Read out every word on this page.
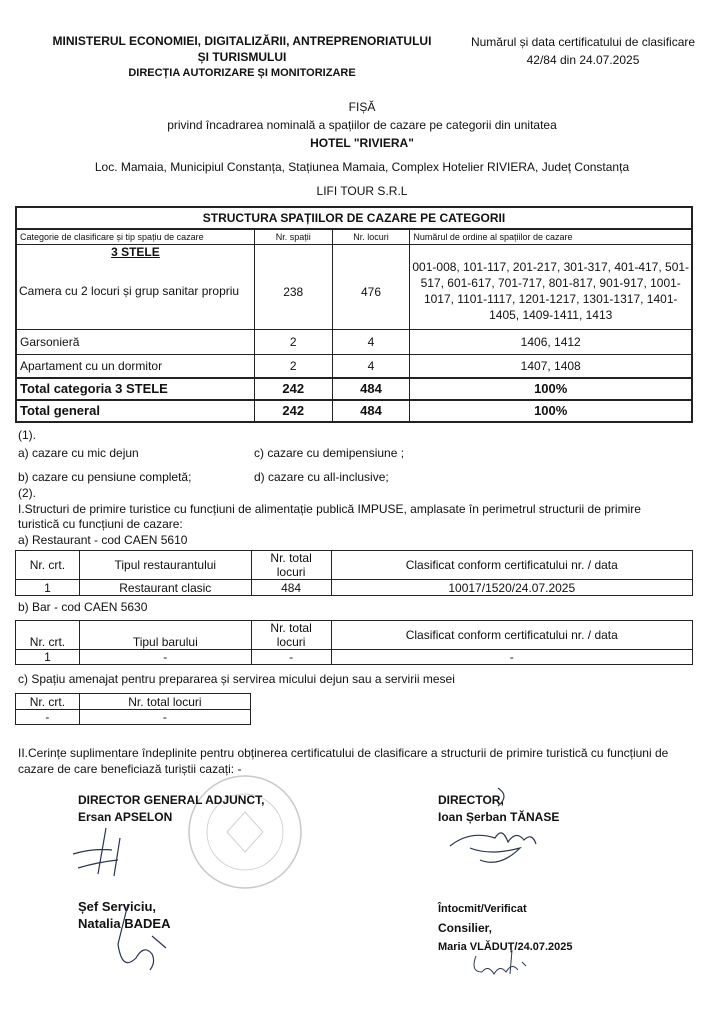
MINISTERUL ECONOMIEI, DIGITALIZĂRII, ANTREPRENORIATULUI
ȘI TURISMULUI
DIRECȚIA AUTORIZARE ȘI MONITORIZARE
Numărul și data certificatului de clasificare
42/84 din 24.07.2025
FIȘĂ
privind încadrarea nominală a spațiilor de cazare pe categorii din unitatea
HOTEL "RIVIERA"
Loc. Mamaia, Municipiul Constanța, Stațiunea Mamaia, Complex Hotelier RIVIERA, Județ Constanța
LIFI TOUR S.R.L
STRUCTURA SPAȚIILOR DE CAZARE PE CATEGORII			
Categorie de clasificare și tip spațiu de cazare	Nr. spații	Nr. locuri	Numărul de ordine al spațiilor de cazare

3 STELE
Camera cu 2 locuri și grup sanitar propriu	238	476	001-008, 101-117, 201-217, 301-317, 401-417, 501-517, 601-617, 701-717, 801-817, 901-917, 1001-1017, 1101-1117, 1201-1217, 1301-1317, 1401-1405, 1409-1411, 1413
Garsonieră	2	4	1406, 1412
Apartament cu un dormitor	2	4	1407, 1408
Total categoria 3 STELE	242	484	100%
Total general	242	484	100%
(1).
a) cazare cu mic dejun	c) cazare cu demipensiune ;
b) cazare cu pensiune completă;	d) cazare cu all-inclusive;
(2).
I.Structuri de primire turistice cu funcțiuni de alimentație publică IMPUSE, amplasate în perimetrul structurii de primire turistică cu funcțiuni de cazare:
a) Restaurant - cod CAEN 5610
Nr. crt.	Tipul restaurantului	Nr. total locuri	Clasificat conform certificatului nr. / data
1	Restaurant clasic	484	10017/1520/24.07.2025
b) Bar - cod CAEN 5630
Nr. crt.	Tipul barului	Nr. total locuri	Clasificat conform certificatului nr. / data
1	-	-	-
c) Spațiu amenajat pentru prepararea și servirea micului dejun sau a servirii mesei
Nr. crt.	Nr. total locuri
-	-
II.Cerințe suplimentare îndeplinite pentru obținerea certificatului de clasificare a structurii de primire turistică cu funcțiuni de cazare de care beneficiază turiștii cazați: -
DIRECTOR GENERAL ADJUNCT,
Ersan APSELON
DIRECTOR,
Ioan Șerban TĂNASE
Șef Serviciu,
Natalia BADEA
Întocmit/Verificat
Consilier,
Maria VLĂDUȚ/24.07.2025
